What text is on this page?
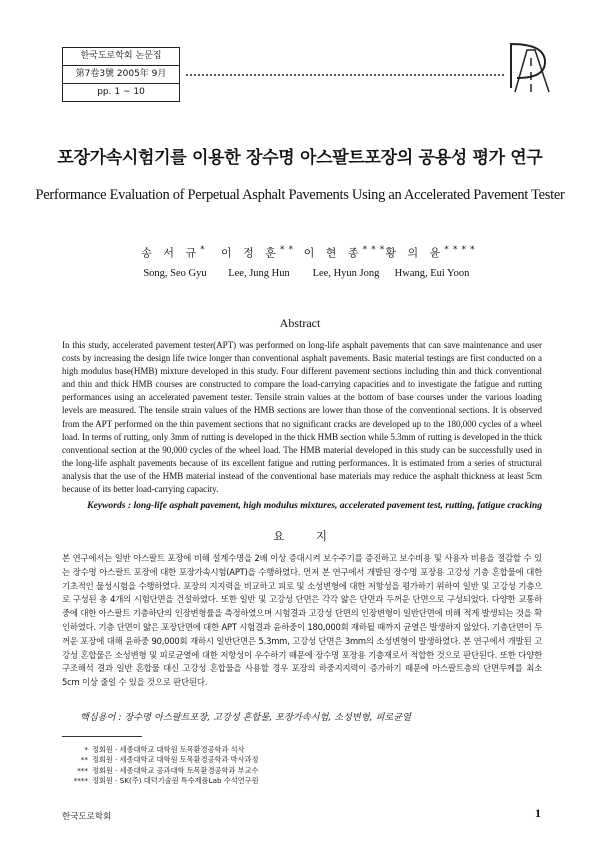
한국도로학회 논문집
第7卷3號 2005年 9月
pp. 1 ~ 10
포장가속시험기를 이용한 장수명 아스팔트포장의 공용성 평가 연구
Performance Evaluation of Perpetual Asphalt Pavements Using an Accelerated Pavement Tester
송 서 규*
Song, Seo Gyu
이 정 훈**
Lee, Jung Hun
이 현 종***
Lee, Hyun Jong
황 의 윤****
Hwang, Eui Yoon
Abstract
In this study, accelerated pavement tester(APT) was performed on long-life asphalt pavements that can save maintenance and user costs by increasing the design life twice longer than conventional asphalt pavements. Basic material testings are first conducted on a high modulus base(HMB) mixture developed in this study. Four different pavement sections including thin and thick conventional and thin and thick HMB courses are constructed to compare the load-carrying capacities and to investigate the fatigue and rutting performances using an accelerated pavement tester. Tensile strain values at the bottom of base courses under the various loading levels are measured. The tensile strain values of the HMB sections are lower than those of the conventional sections. It is observed from the APT performed on the thin pavement sections that no significant cracks are developed up to the 180,000 cycles of a wheel load. In terms of rutting, only 3mm of rutting is developed in the thick HMB section while 5.3mm of rutting is developed in the thick conventional section at the 90,000 cycles of the wheel load. The HMB material developed in this study can be successfully used in the long-life asphalt pavements because of its excellent fatigue and rutting performances. It is estimated from a series of structural analysis that the use of the HMB material instead of the conventional base materials may reduce the asphalt thickness at least 5cm because of its better load-carrying capacity.
Keywords : long-life asphalt pavement, high modulus mixtures, accelerated pavement test, rutting, fatigue cracking
요 지
본 연구에서는 일반 아스팔트 포장에 비해 설계수명을 2배 이상 증대시켜 보수주기를 증진하고 보수비용 및 사용자 비용을 절감할 수 있는 장수명 아스팔트 포장에 대한 포장가속시험(APT)을 수행하였다. 먼저 본 연구에서 개발된 장수명 포장용 고강성 기층 혼합물에 대한 기초적인 물성시험을 수행하였다. 포장의 지지력을 비교하고 피로 및 소성변형에 대한 저항성을 평가하기 위하여 일반 및 고강성 기층으로 구성된 총 4개의 시험단면을 건설하였다. 또한 일반 및 고강성 단면은 각각 얇은 단면과 두꺼운 단면으로 구성되었다. 다양한 교통하중에 대한 아스팔트 기층하단의 인장변형률을 측정하였으며 시험결과 고강성 단면의 인장변형이 일반단면에 비해 적게 발생되는 것을 확인하였다. 기층 단면이 얇은 포장단면에 대한 APT 시험결과 윤하중이 180,000회 재하될 때까지 균열은 발생하지 않았다. 기층단면이 두꺼운 포장에 대해 윤하중 90,000회 재하시 일반단면은 5.3mm, 고강성 단면은 3mm의 소성변형이 발생하였다. 본 연구에서 개발된 고강성 혼합물은 소성변형 및 피로균열에 대한 저항성이 우수하기 때문에 장수명 포장용 기층재로서 적합한 것으로 판단된다. 또한 다양한 구조해석 결과 일반 혼합물 대신 고강성 혼합물을 사용할 경우 포장의 하중지지력이 증가하기 때문에 아스팔트층의 단면두께를 최소 5cm 이상 줄일 수 있을 것으로 판단된다.
핵심용어 : 장수명 아스팔트포장, 고강성 혼합물, 포장가속시험, 소성변형, 피로균열
* 정회원 · 세종대학교 대학원 토목환경공학과 석사
** 정회원 · 세종대학교 대학원 토목환경공학과 박사과정
*** 정회원 · 세종대학교 공과대학 토목환경공학과 부교수
**** 정회원 · SK(주) 대덕기술원 특수제품Lab 수석연구원
한국도로학회	1
